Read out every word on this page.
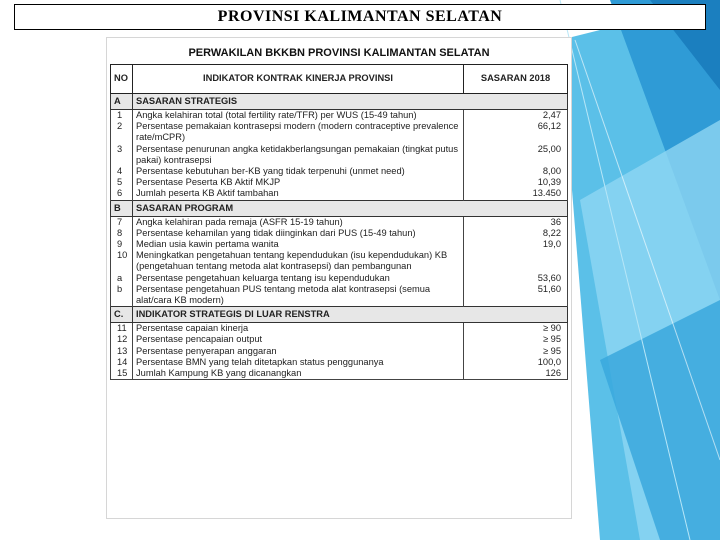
PROVINSI KALIMANTAN SELATAN
PERWAKILAN BKKBN PROVINSI KALIMANTAN SELATAN
NO	INDIKATOR KONTRAK KINERJA PROVINSI	SASARAN 2018
A	SASARAN STRATEGIS	
1	Angka kelahiran total (total fertility rate/TFR) per WUS (15-49 tahun)	2,47
2	Persentase pemakaian kontrasepsi modern (modern contraceptive prevalence rate/mCPR)	66,12
3	Persentase penurunan angka ketidakberlangsungan pemakaian (tingkat putus pakai) kontrasepsi	25,00
4	Persentase kebutuhan ber-KB yang tidak terpenuhi (unmet need)	8,00
5	Persentase Peserta KB Aktif MKJP	10,39
6	Jumlah peserta KB Aktif tambahan	13.450
B	SASARAN PROGRAM	
7	Angka kelahiran pada remaja (ASFR 15-19 tahun)	36
8	Persentase kehamilan yang tidak diinginkan dari PUS (15-49 tahun)	8,22
9	Median usia kawin pertama wanita	19,0
10	Meningkatkan pengetahuan tentang kependudukan (isu kependudukan) KB (pengetahuan tentang metoda alat kontrasepsi) dan pembangunan	
a	Persentase pengetahuan keluarga tentang isu kependudukan	53,60
b	Persentase pengetahuan PUS tentang metoda alat kontrasepsi (semua alat/cara KB modern)	51,60
C.	INDIKATOR STRATEGIS DI LUAR RENSTRA	
11	Persentase capaian kinerja	≥ 90
12	Persentase pencapaian output	≥ 95
13	Persentase penyerapan anggaran	≥ 95
14	Persentase BMN yang telah ditetapkan status penggunanya	100,0
15	Jumlah Kampung KB yang dicanangkan	126
